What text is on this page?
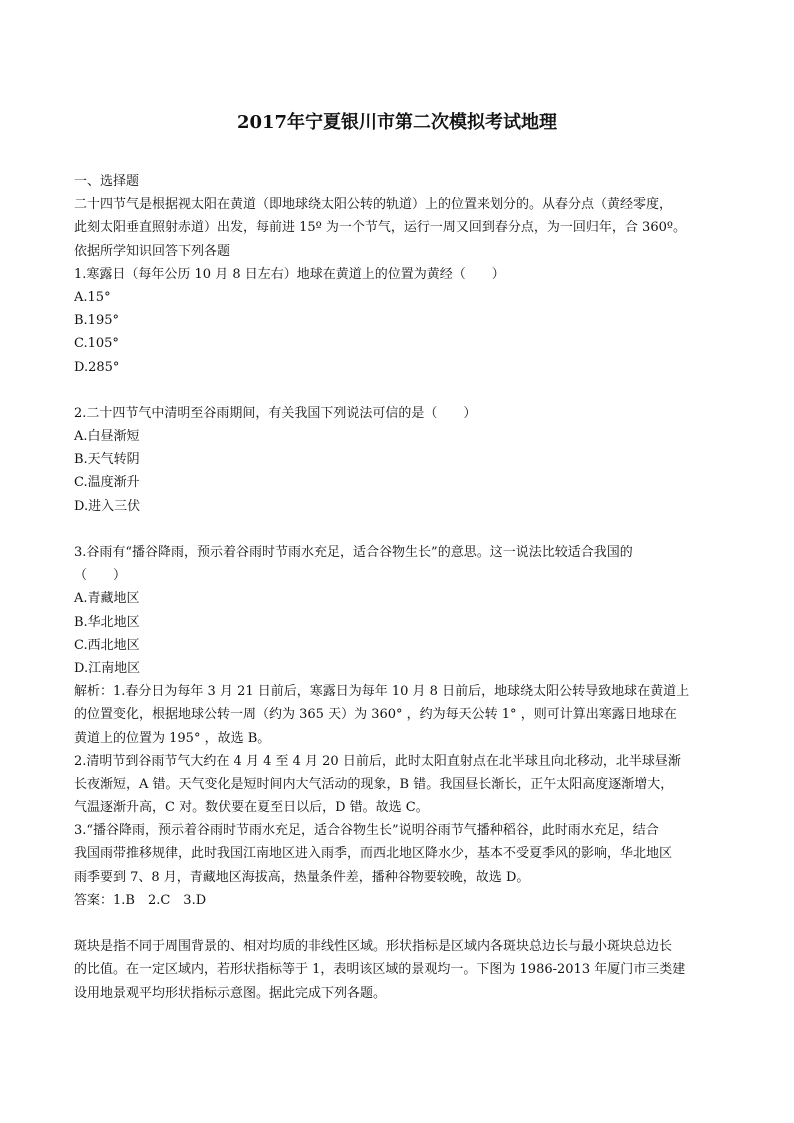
2017年宁夏银川市第二次模拟考试地理
一、选择题
二十四节气是根据视太阳在黄道（即地球绕太阳公转的轨道）上的位置来划分的。从春分点（黄经零度，
此刻太阳垂直照射赤道）出发，每前进 15º 为一个节气，运行一周又回到春分点，为一回归年，合 360º。
依据所学知识回答下列各题
1.寒露日（每年公历 10 月 8 日左右）地球在黄道上的位置为黄经（　　）
A.15°
B.195°
C.105°
D.285°
2.二十四节气中清明至谷雨期间，有关我国下列说法可信的是（　　）
A.白昼渐短
B.天气转阴
C.温度渐升
D.进入三伏
3.谷雨有“播谷降雨，预示着谷雨时节雨水充足，适合谷物生长”的意思。这一说法比较适合我国的
（　　）
A.青藏地区
B.华北地区
C.西北地区
D.江南地区
解析：1.春分日为每年 3 月 21 日前后，寒露日为每年 10 月 8 日前后，地球绕太阳公转导致地球在黄道上
的位置变化，根据地球公转一周（约为 365 天）为 360° ，约为每天公转 1° ，则可计算出寒露日地球在
黄道上的位置为 195° ，故选 B。
2.清明节到谷雨节气大约在 4 月 4 至 4 月 20 日前后，此时太阳直射点在北半球且向北移动，北半球昼渐
长夜渐短，A 错。天气变化是短时间内大气活动的现象，B 错。我国昼长渐长，正午太阳高度逐渐增大，
气温逐渐升高，C 对。数伏要在夏至日以后，D 错。故选 C。
3.“播谷降雨，预示着谷雨时节雨水充足，适合谷物生长”说明谷雨节气播种稻谷，此时雨水充足，结合
我国雨带推移规律，此时我国江南地区进入雨季，而西北地区降水少，基本不受夏季风的影响，华北地区
雨季要到 7、8 月，青藏地区海拔高，热量条件差，播种谷物要较晚，故选 D。
答案：1.B　2.C　3.D
斑块是指不同于周围背景的、相对均质的非线性区域。形状指标是区域内各斑块总边长与最小斑块总边长
的比值。在一定区域内，若形状指标等于 1，表明该区域的景观均一。下图为 1986-2013 年厦门市三类建
设用地景观平均形状指标示意图。据此完成下列各题。
